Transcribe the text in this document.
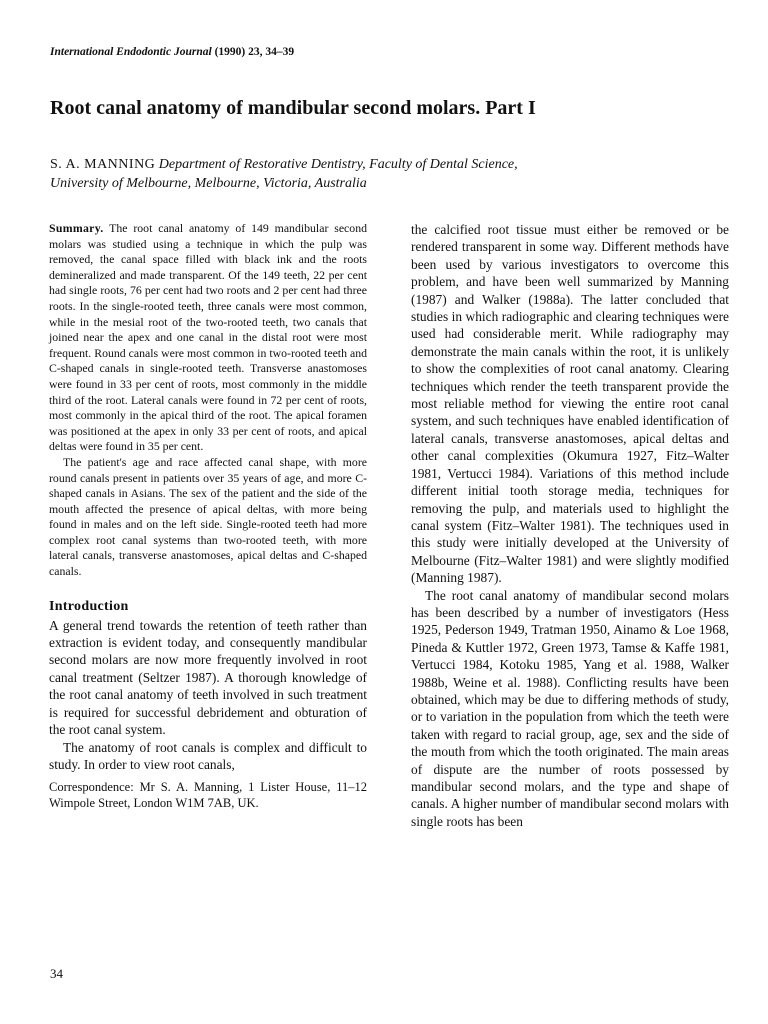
International Endodontic Journal (1990) 23, 34–39
Root canal anatomy of mandibular second molars. Part I
S. A. MANNING Department of Restorative Dentistry, Faculty of Dental Science,
University of Melbourne, Melbourne, Victoria, Australia

Summary. The root canal anatomy of 149 mandibular second molars was studied using a technique in which the pulp was removed, the canal space filled with black ink and the roots demineralized and made transparent. Of the 149 teeth, 22 per cent had single roots, 76 per cent had two roots and 2 per cent had three roots. In the single-rooted teeth, three canals were most common, while in the mesial root of the two-rooted teeth, two canals that joined near the apex and one canal in the distal root were most frequent. Round canals were most common in two-rooted teeth and C-shaped canals in single-rooted teeth. Transverse anastomoses were found in 33 per cent of roots, most commonly in the middle third of the root. Lateral canals were found in 72 per cent of roots, most commonly in the apical third of the root. The apical foramen was positioned at the apex in only 33 per cent of roots, and apical deltas were found in 35 per cent.

The patient's age and race affected canal shape, with more round canals present in patients over 35 years of age, and more C-shaped canals in Asians. The sex of the patient and the side of the mouth affected the presence of apical deltas, with more being found in males and on the left side. Single-rooted teeth had more complex root canal systems than two-rooted teeth, with more lateral canals, transverse anastomoses, apical deltas and C-shaped canals.

Introduction

A general trend towards the retention of teeth rather than extraction is evident today, and consequently mandibular second molars are now more frequently involved in root canal treatment (Seltzer 1987). A thorough knowledge of the root canal anatomy of teeth involved in such treatment is required for successful debridement and obturation of the root canal system.

The anatomy of root canals is complex and difficult to study. In order to view root canals,

Correspondence: Mr S. A. Manning, 1 Lister House, 11–12 Wimpole Street, London W1M 7AB, UK.

the calcified root tissue must either be removed or be rendered transparent in some way. Different methods have been used by various investigators to overcome this problem, and have been well summarized by Manning (1987) and Walker (1988a). The latter concluded that studies in which radiographic and clearing techniques were used had considerable merit. While radiography may demonstrate the main canals within the root, it is unlikely to show the complexities of root canal anatomy. Clearing techniques which render the teeth transparent provide the most reliable method for viewing the entire root canal system, and such techniques have enabled identification of lateral canals, transverse anastomoses, apical deltas and other canal complexities (Okumura 1927, Fitz–Walter 1981, Vertucci 1984). Variations of this method include different initial tooth storage media, techniques for removing the pulp, and materials used to highlight the canal system (Fitz–Walter 1981). The techniques used in this study were initially developed at the University of Melbourne (Fitz–Walter 1981) and were slightly modified (Manning 1987).

The root canal anatomy of mandibular second molars has been described by a number of investigators (Hess 1925, Pederson 1949, Tratman 1950, Ainamo & Loe 1968, Pineda & Kuttler 1972, Green 1973, Tamse & Kaffe 1981, Vertucci 1984, Kotoku 1985, Yang et al. 1988, Walker 1988b, Weine et al. 1988). Conflicting results have been obtained, which may be due to differing methods of study, or to variation in the population from which the teeth were taken with regard to racial group, age, sex and the side of the mouth from which the tooth originated. The main areas of dispute are the number of roots possessed by mandibular second molars, and the type and shape of canals. A higher number of mandibular second molars with single roots has been

34
